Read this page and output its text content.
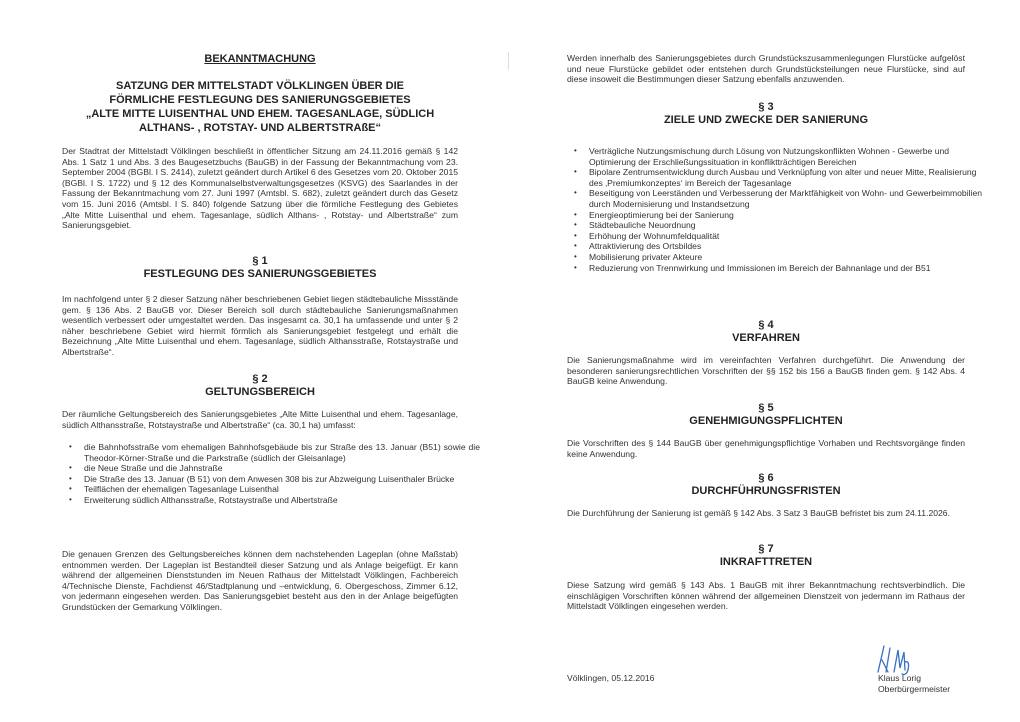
BEKANNTMACHUNG
SATZUNG DER MITTELSTADT VÖLKLINGEN ÜBER DIE
FÖRMLICHE FESTLEGUNG DES SANIERUNGSGEBIETES
„ALTE MITTE LUISENTHAL UND EHEM. TAGESANLAGE, SÜDLICH
ALTHANS- , ROTSTAY- UND ALBERTSTRAßE“

Der Stadtrat der Mittelstadt Völklingen beschließt in öffentlicher Sitzung am 24.11.2016 gemäß § 142 Abs. 1 Satz 1 und Abs. 3 des Baugesetzbuchs (BauGB) in der Fassung der Bekanntmachung vom 23. September 2004 (BGBl. I S. 2414), zuletzt geändert durch Artikel 6 des Gesetzes vom 20. Oktober 2015 (BGBl. I S. 1722) und § 12 des Kommunalselbstverwaltungsgesetzes (KSVG) des Saarlandes in der Fassung der Bekanntmachung vom 27. Juni 1997 (Amtsbl. S. 682), zuletzt geändert durch das Gesetz vom 15. Juni 2016 (Amtsbl. I S. 840) folgende Satzung über die förmliche Festlegung des Gebietes „Alte Mitte Luisenthal und ehem. Tagesanlage, südlich Althans- , Rotstay- und Albertstraße“ zum Sanierungsgebiet.

§ 1
FESTLEGUNG DES SANIERUNGSGEBIETES

Im nachfolgend unter § 2 dieser Satzung näher beschriebenen Gebiet liegen städtebauliche Missstände gem. § 136 Abs. 2 BauGB vor. Dieser Bereich soll durch städtebauliche Sanierungsmaßnahmen wesentlich verbessert oder umgestaltet werden. Das insgesamt ca. 30,1 ha umfassende und unter § 2 näher beschriebene Gebiet wird hiermit förmlich als Sanierungsgebiet festgelegt und erhält die Bezeichnung „Alte Mitte Luisenthal und ehem. Tagesanlage, südlich Althansstraße, Rotstaystraße und Albertstraße“.

§ 2
GELTUNGSBEREICH

Der räumliche Geltungsbereich des Sanierungsgebietes „Alte Mitte Luisenthal und ehem. Tagesanlage, südlich Althansstraße, Rotstaystraße und Albertstraße“ (ca. 30,1 ha) umfasst:

• die Bahnhofsstraße vom ehemaligen Bahnhofsgebäude bis zur Straße des 13. Januar (B51) sowie die Theodor-Körner-Straße und die Parkstraße (südlich der Gleisanlage)
• die Neue Straße und die Jahnstraße
• Die Straße des 13. Januar (B 51) von dem Anwesen 308 bis zur Abzweigung Luisenthaler Brücke
• Teilflächen der ehemaligen Tagesanlage Luisenthal
• Erweiterung südlich Althansstraße, Rotstaystraße und Albertstraße

Die genauen Grenzen des Geltungsbereiches können dem nachstehenden Lageplan (ohne Maßstab) entnommen werden. Der Lageplan ist Bestandteil dieser Satzung und als Anlage beigefügt. Er kann während der allgemeinen Dienststunden im Neuen Rathaus der Mittelstadt Völklingen, Fachbereich 4/Technische Dienste, Fachdienst 46/Stadtplanung und –entwicklung, 6. Obergeschoss, Zimmer 6.12, von jedermann eingesehen werden. Das Sanierungsgebiet besteht aus den in der Anlage beigefügten Grundstücken der Gemarkung Völklingen.

Werden innerhalb des Sanierungsgebietes durch Grundstückszusammenlegungen Flurstücke aufgelöst und neue Flurstücke gebildet oder entstehen durch Grundstücksteilungen neue Flurstücke, sind auf diese insoweit die Bestimmungen dieser Satzung ebenfalls anzuwenden.

§ 3
ZIELE UND ZWECKE DER SANIERUNG
• Verträgliche Nutzungsmischung durch Lösung von Nutzungskonflikten Wohnen - Gewerbe und Optimierung der Erschließungssituation in konfliktträchtigen Bereichen
• Bipolare Zentrumsentwicklung durch Ausbau und Verknüpfung von alter und neuer Mitte, Realisierung des ‚Premiumkonzeptes‘ im Bereich der Tagesanlage
• Beseitigung von Leerständen und Verbesserung der Marktfähigkeit von Wohn- und Gewerbeimmobilien durch Modernisierung und Instandsetzung
• Energieoptimierung bei der Sanierung
• Städtebauliche Neuordnung
• Erhöhung der Wohnumfeldqualität
• Attraktivierung des Ortsbildes
• Mobilisierung privater Akteure
• Reduzierung von Trennwirkung und Immissionen im Bereich der Bahnanlage und der B51
§ 4
VERFAHREN

Die Sanierungsmaßnahme wird im vereinfachten Verfahren durchgeführt. Die Anwendung der besonderen sanierungsrechtlichen Vorschriften der §§ 152 bis 156 a BauGB finden gem. § 142 Abs. 4 BauGB keine Anwendung.

§ 5
GENEHMIGUNGSPFLICHTEN

Die Vorschriften des § 144 BauGB über genehmigungspflichtige Vorhaben und Rechtsvorgänge finden keine Anwendung.

§ 6
DURCHFÜHRUNGSFRISTEN

Die Durchführung der Sanierung ist gemäß § 142 Abs. 3 Satz 3 BauGB befristet bis zum 24.11.2026.

§ 7
INKRAFTTRETEN

Diese Satzung wird gemäß § 143 Abs. 1 BauGB mit ihrer Bekanntmachung rechtsverbindlich. Die einschlägigen Vorschriften können während der allgemeinen Dienstzeit von jedermann im Rathaus der Mittelstadt Völklingen eingesehen werden.

Völklingen, 05.12.2016	Klaus Lorig
Oberbürgermeister
